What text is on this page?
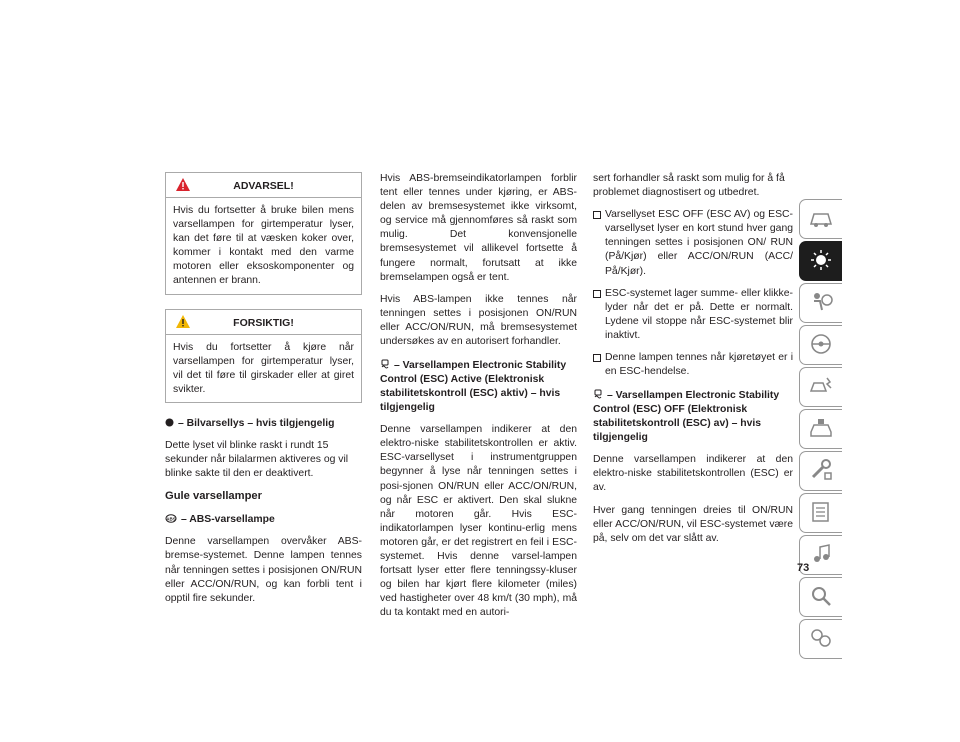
ADVARSEL!
Hvis du fortsetter å bruke bilen mens varsellampen for girtemperatur lyser, kan det føre til at væsken koker over, kommer i kontakt med den varme motoren eller eksoskomponenter og antennen er brann.
FORSIKTIG!
Hvis du fortsetter å kjøre når varsellampen for girtemperatur lyser, vil det til føre til girskader eller at giret svikter.
– Bilvarsellys – hvis tilgjengelig

Dette lyset vil blinke raskt i rundt 15 sekunder når bilalarmen aktiveres og vil blinke sakte til den er deaktivert.

Gule varsellamper
ABS – ABS-varsellampe

Denne varsellampen overvåker ABS-bremse-systemet. Denne lampen tennes når tenningen settes i posisjonen ON/RUN eller ACC/ON/RUN, og kan forbli tent i opptil fire sekunder.

Hvis ABS-bremseindikatorlampen forblir tent eller tennes under kjøring, er ABS-delen av bremsesystemet ikke virksomt, og service må gjennomføres så raskt som mulig. Det konvensjonelle bremsesystemet vil allikevel fortsette å fungere normalt, forutsatt at ikke bremselampen også er tent.

Hvis ABS-lampen ikke tennes når tenningen settes i posisjonen ON/RUN eller ACC/ON/RUN, må bremsesystemet undersøkes av en autorisert forhandler.

– Varsellampen Electronic Stability Control (ESC) Active (Elektronisk stabilitetskontroll (ESC) aktiv) – hvis tilgjengelig

Denne varsellampen indikerer at den elektro-niske stabilitetskontrollen er aktiv. ESC-varsellyset i instrumentgruppen begynner å lyse når tenningen settes i posi-sjonen ON/RUN eller ACC/ON/RUN, og når ESC er aktivert. Den skal slukne når motoren går. Hvis ESC-indikatorlampen lyser kontinu-erlig mens motoren går, er det registrert en feil i ESC-systemet. Hvis denne varsel-lampen fortsatt lyser etter flere tenningssy-kluser og bilen har kjørt flere kilometer (miles) ved hastigheter over 48 km/t (30 mph), må du ta kontakt med en autori-

sert forhandler så raskt som mulig for å få problemet diagnostisert og utbedret.

Varsellyset ESC OFF (ESC AV) og ESC-varsellyset lyser en kort stund hver gang tenningen settes i posisjonen ON/ RUN (På/Kjør) eller ACC/ON/RUN (ACC/ På/Kjør).
ESC-systemet lager summe- eller klikke-lyder når det er på. Dette er normalt. Lydene vil stoppe når ESC-systemet blir inaktivt.
Denne lampen tennes når kjøretøyet er i en ESC-hendelse.
– Varsellampen Electronic Stability Control (ESC) OFF (Elektronisk stabilitetskontroll (ESC) av) – hvis tilgjengelig

Denne varsellampen indikerer at den elektro-niske stabilitetskontrollen (ESC) er av.

Hver gang tenningen dreies til ON/RUN eller ACC/ON/RUN, vil ESC-systemet være på, selv om det var slått av.

73
